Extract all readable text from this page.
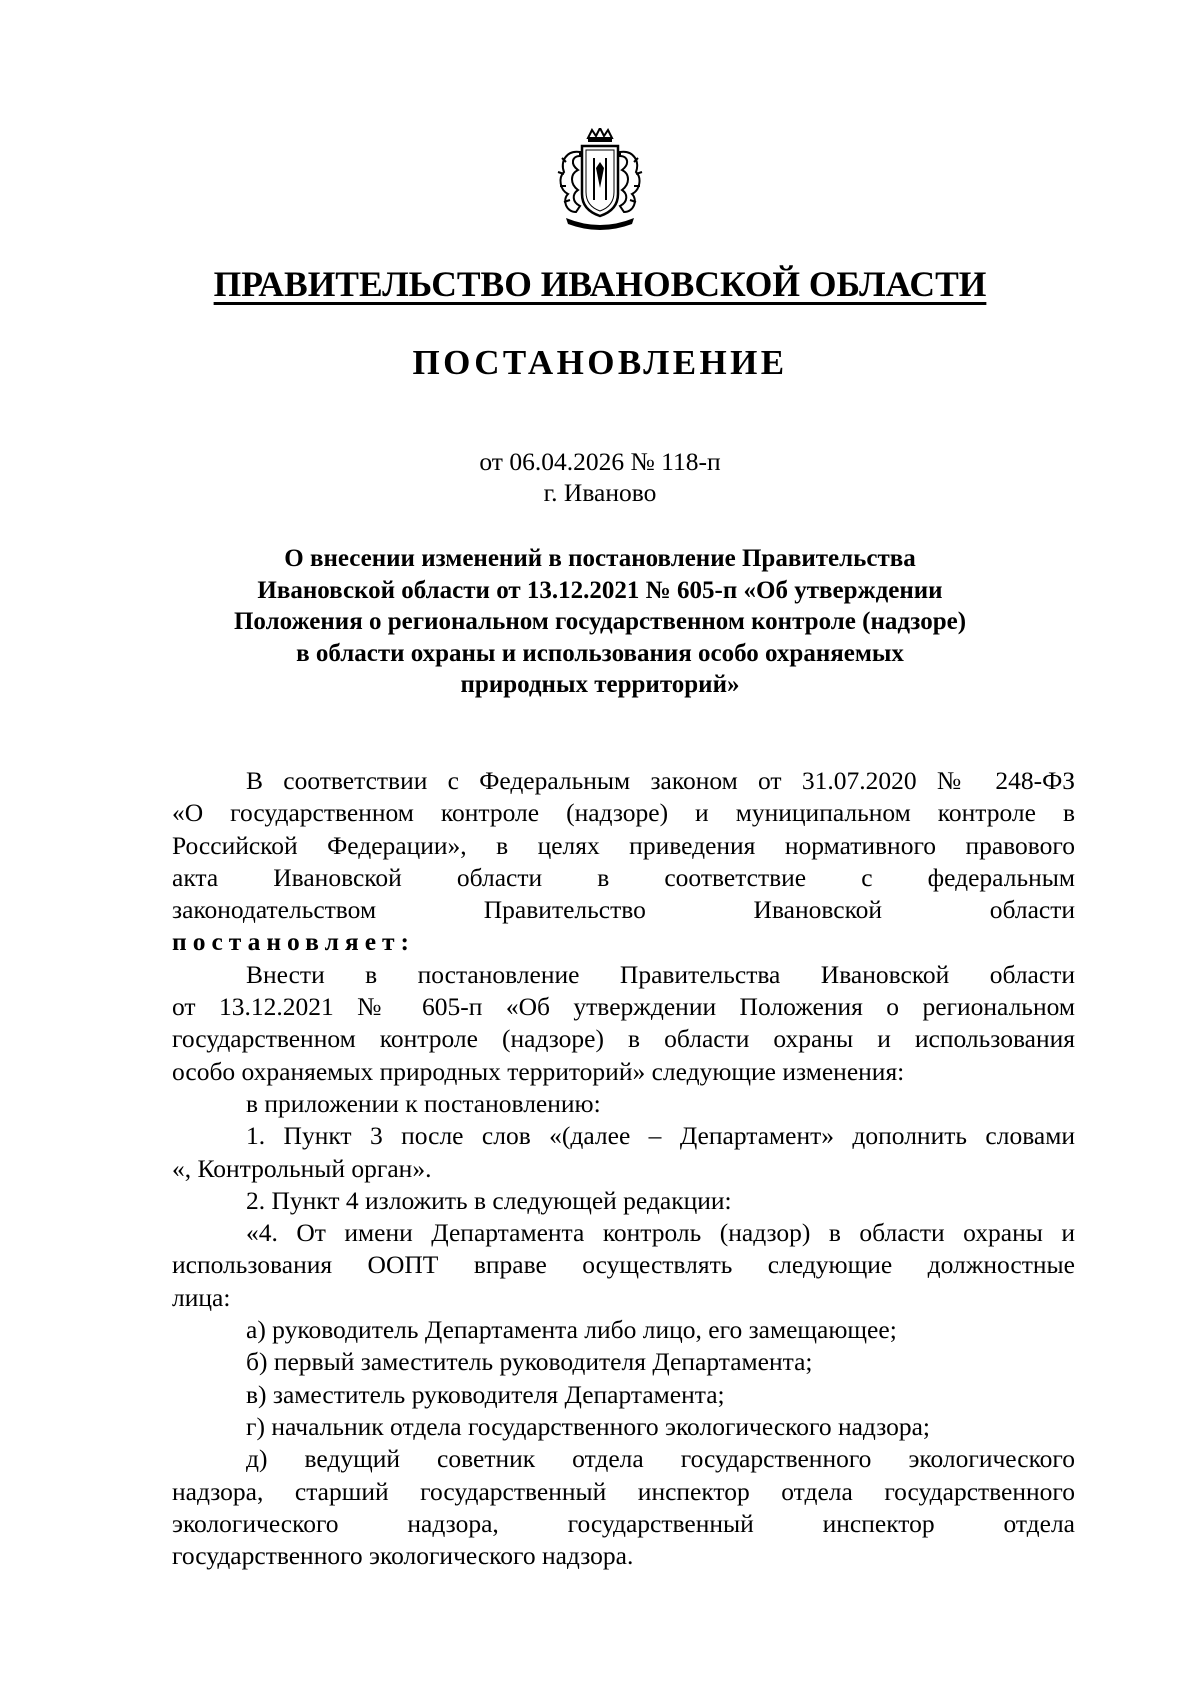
ПРАВИТЕЛЬСТВО ИВАНОВСКОЙ ОБЛАСТИ
ПОСТАНОВЛЕНИЕ
от 06.04.2026 № 118-п
г. Иваново
О внесении изменений в постановление Правительства
Ивановской области от 13.12.2021 № 605-п «Об утверждении
Положения о региональном государственном контроле (надзоре)
в области охраны и использования особо охраняемых
природных территорий»
В соответствии с Федеральным законом от 31.07.2020 № 248-ФЗ
«О государственном контроле (надзоре) и муниципальном контроле в
Российской Федерации», в целях приведения нормативного правового
акта Ивановской области в соответствие с федеральным
законодательством Правительство Ивановской области
постановляет:
Внести в постановление Правительства Ивановской области
от 13.12.2021 № 605-п «Об утверждении Положения о региональном
государственном контроле (надзоре) в области охраны и использования
особо охраняемых природных территорий» следующие изменения:
в приложении к постановлению:
1. Пункт 3 после слов «(далее – Департамент» дополнить словами
«, Контрольный орган».
2. Пункт 4 изложить в следующей редакции:
«4. От имени Департамента контроль (надзор) в области охраны и
использования ООПТ вправе осуществлять следующие должностные
лица:
а) руководитель Департамента либо лицо, его замещающее;
б) первый заместитель руководителя Департамента;
в) заместитель руководителя Департамента;
г) начальник отдела государственного экологического надзора;
д) ведущий советник отдела государственного экологического
надзора, старший государственный инспектор отдела государственного
экологического надзора, государственный инспектор отдела
государственного экологического надзора.
